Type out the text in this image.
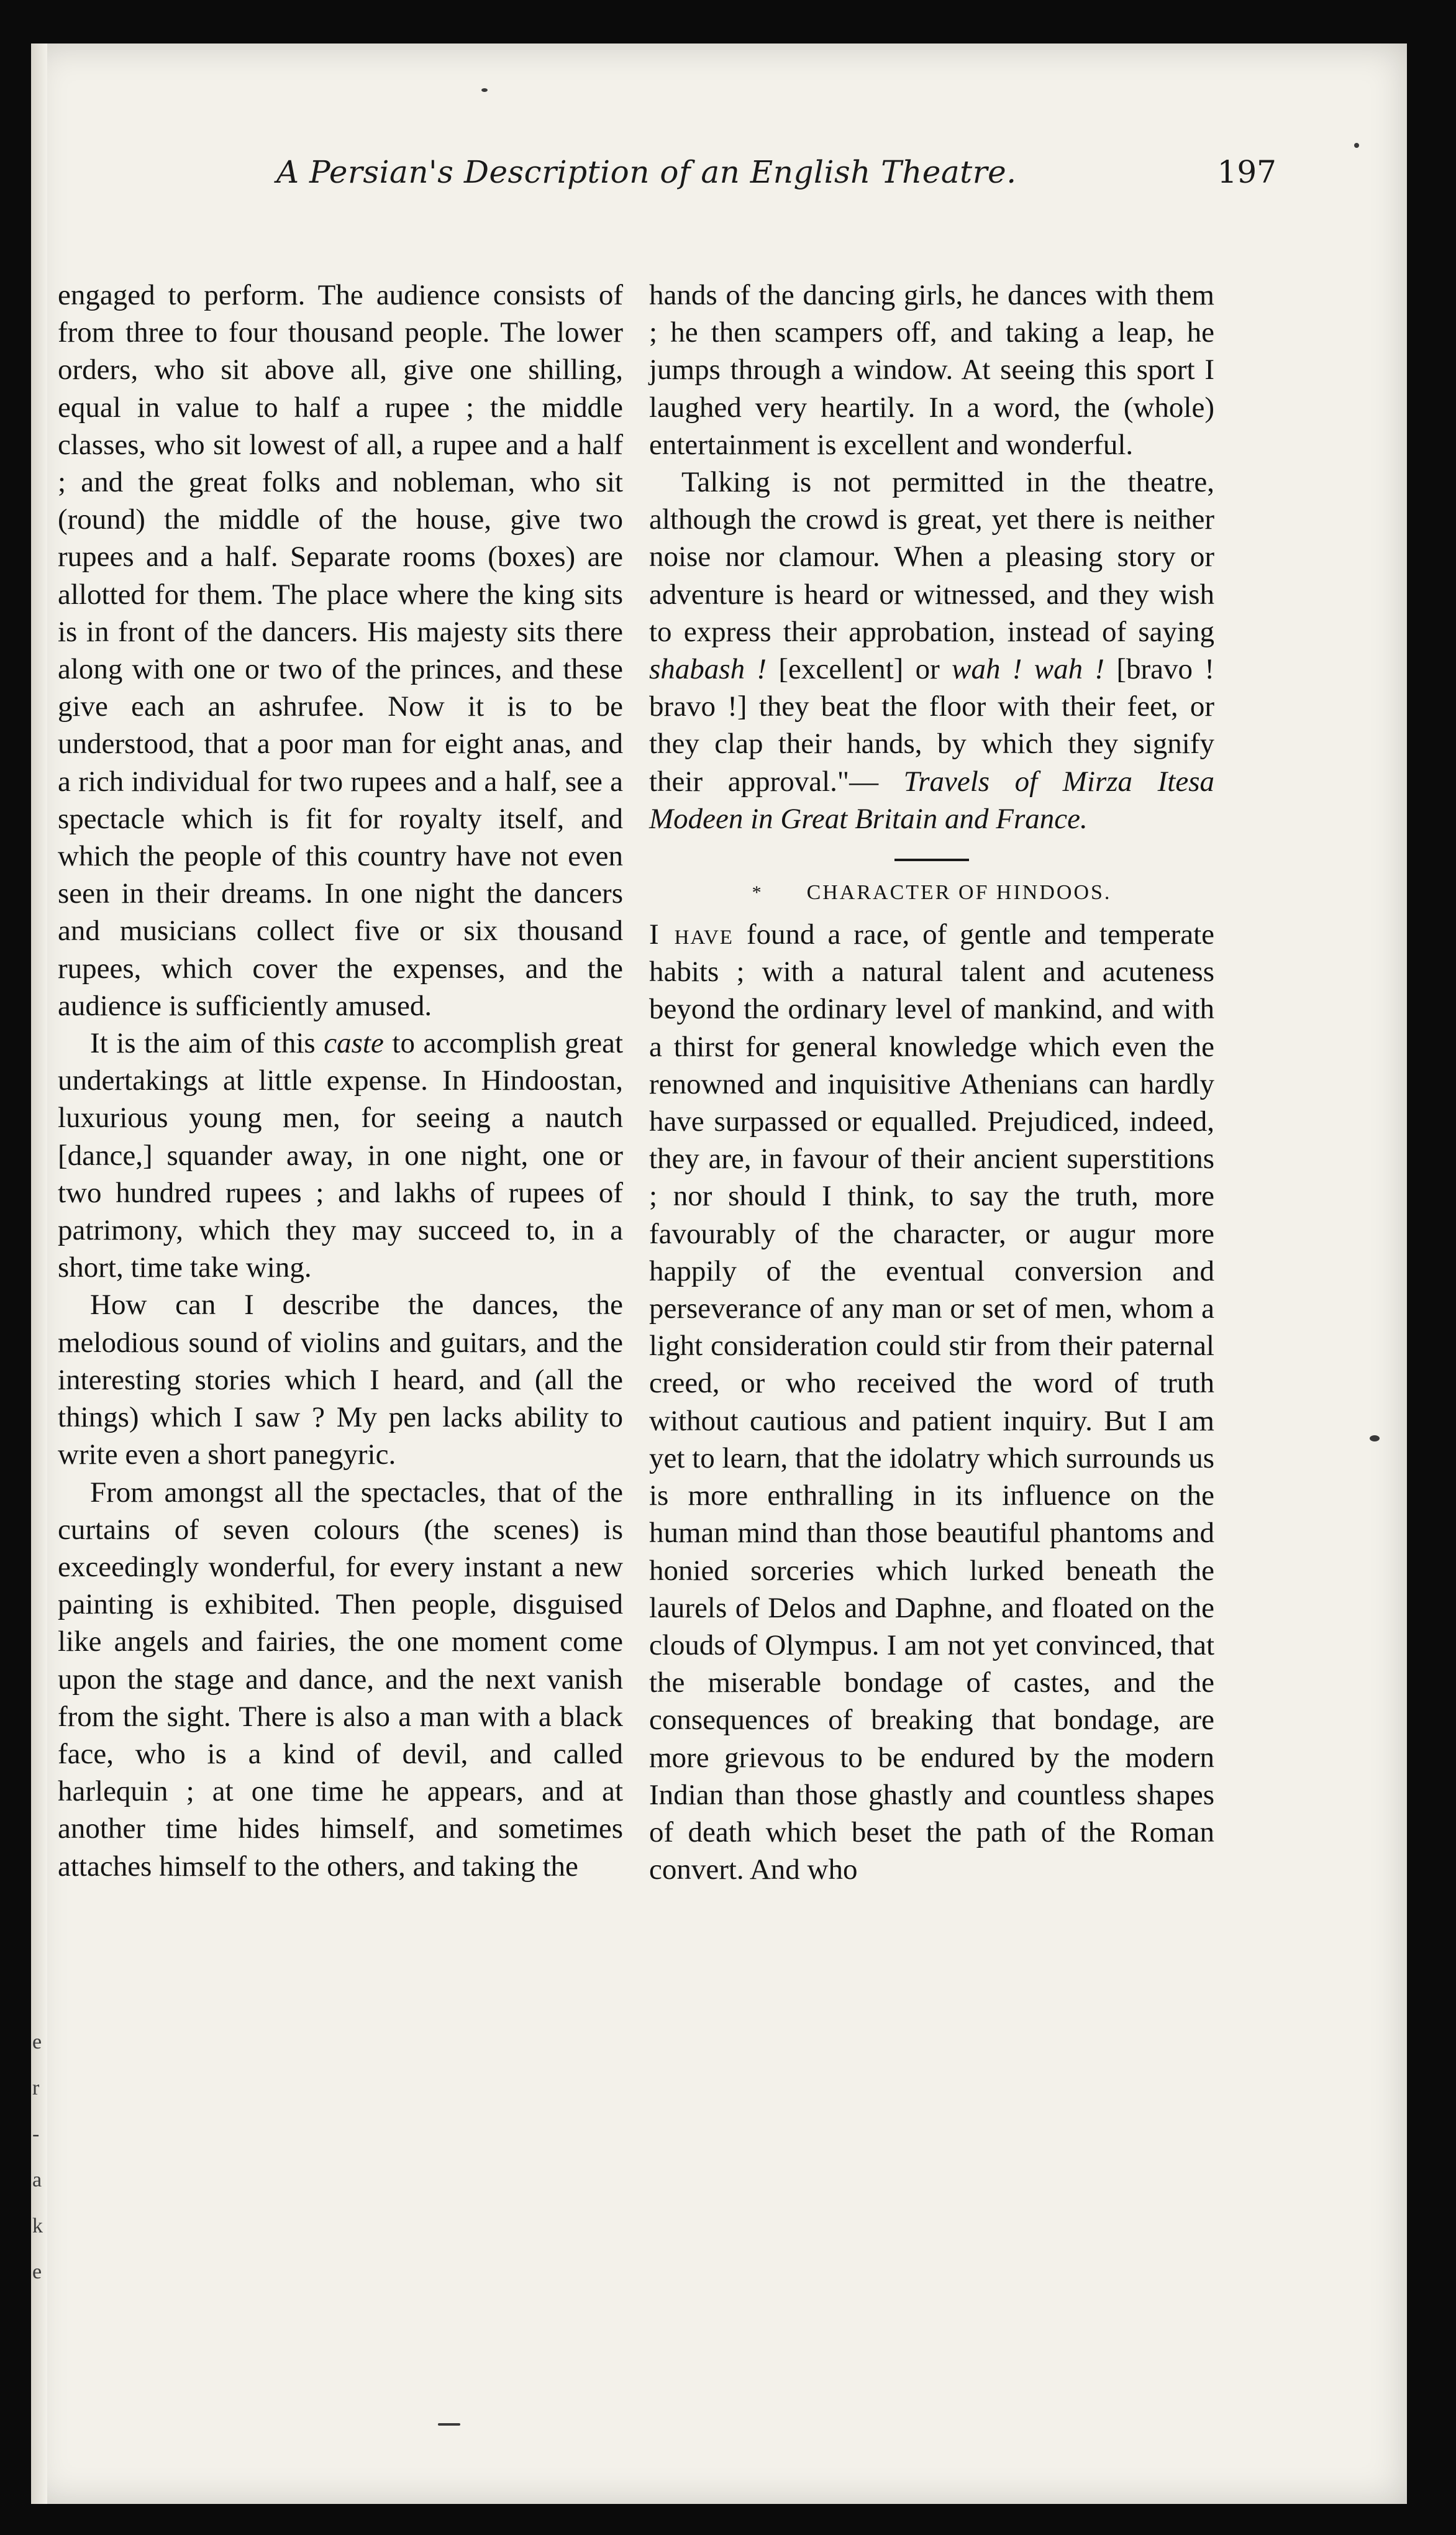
A Persian's Description of an English Theatre.	197

engaged to perform. The audience consists of from three to four thousand people. The lower orders, who sit above all, give one shilling, equal in value to half a rupee ; the middle classes, who sit lowest of all, a rupee and a half ; and the great folks and nobleman, who sit (round) the middle of the house, give two rupees and a half. Separate rooms (boxes) are allotted for them. The place where the king sits is in front of the dancers. His majesty sits there along with one or two of the princes, and these give each an ashrufee. Now it is to be understood, that a poor man for eight anas, and a rich individual for two rupees and a half, see a spectacle which is fit for royalty itself, and which the people of this country have not even seen in their dreams. In one night the dancers and musicians collect five or six thousand rupees, which cover the expenses, and the audience is sufficiently amused.

It is the aim of this caste to accomplish great undertakings at little expense. In Hindoostan, luxurious young men, for seeing a nautch [dance,] squander away, in one night, one or two hundred rupees ; and lakhs of rupees of patrimony, which they may succeed to, in a short, time take wing.

How can I describe the dances, the melodious sound of violins and guitars, and the interesting stories which I heard, and (all the things) which I saw ? My pen lacks ability to write even a short panegyric.

From amongst all the spectacles, that of the curtains of seven colours (the scenes) is exceedingly wonderful, for every instant a new painting is exhibited. Then people, disguised like angels and fairies, the one moment come upon the stage and dance, and the next vanish from the sight. There is also a man with a black face, who is a kind of devil, and called harlequin ; at one time he appears, and at another time hides himself, and sometimes attaches himself to the others, and taking the

hands of the dancing girls, he dances with them ; he then scampers off, and taking a leap, he jumps through a window. At seeing this sport I laughed very heartily. In a word, the (whole) entertainment is excellent and wonderful.

Talking is not permitted in the theatre, although the crowd is great, yet there is neither noise nor clamour. When a pleasing story or adventure is heard or witnessed, and they wish to express their approbation, instead of saying shabash ! [excellent] or wah ! wah ! [bravo ! bravo !] they beat the floor with their feet, or they clap their hands, by which they signify their approval."— Travels of Mirza Itesa Modeen in Great Britain and France.

* CHARACTER OF HINDOOS.

I have found a race, of gentle and temperate habits ; with a natural talent and acuteness beyond the ordinary level of mankind, and with a thirst for general knowledge which even the renowned and inquisitive Athenians can hardly have surpassed or equalled. Prejudiced, indeed, they are, in favour of their ancient superstitions ; nor should I think, to say the truth, more favourably of the character, or augur more happily of the eventual conversion and perseverance of any man or set of men, whom a light consideration could stir from their paternal creed, or who received the word of truth without cautious and patient inquiry. But I am yet to learn, that the idolatry which surrounds us is more enthralling in its influence on the human mind than those beautiful phantoms and honied sorceries which lurked beneath the laurels of Delos and Daphne, and floated on the clouds of Olympus. I am not yet convinced, that the miserable bondage of castes, and the consequences of breaking that bondage, are more grievous to be endured by the modern Indian than those ghastly and countless shapes of death which beset the path of the Roman convert. And who

e
r
-
a
k
e
